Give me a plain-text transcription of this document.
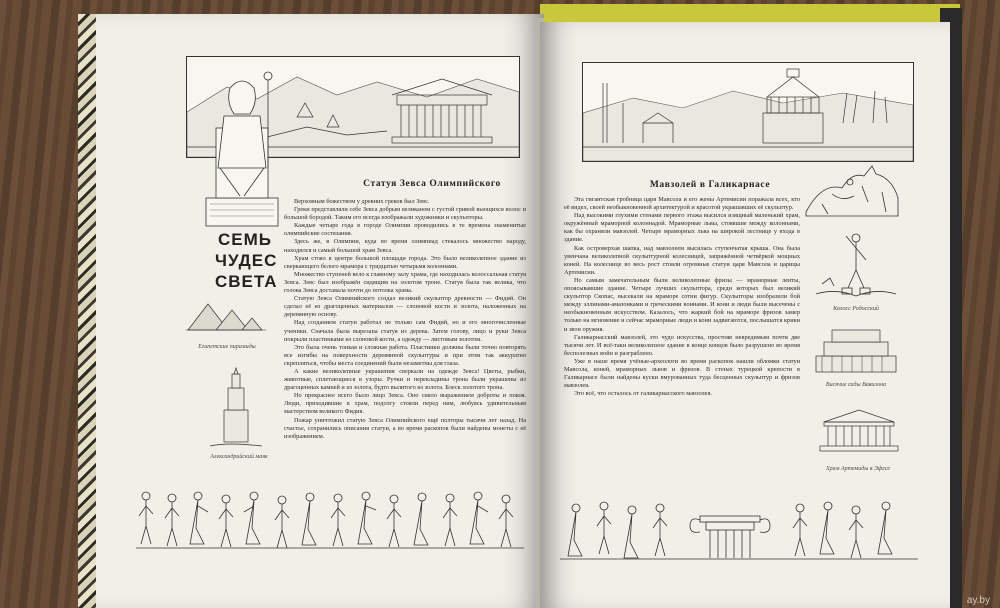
Статуя Зевса Олимпийского
СЕМЬ
ЧУДЕС
СВЕТА
Египетские пирамиды
Александрийский маяк

Верховным божеством у древних греков был Зевс.

Греки представляли себе Зевса добрым великаном с густой гривой вьющихся волос и большой бородой. Таким его всегда изображали художники и скульпторы.

Каждые четыре года в городе Олимпии проводились в те времена знаменитые олимпийские состязания.

Здесь же, в Олимпии, куда во время олимпиад стекалось множество народу, находился и самый большой храм Зевса.

Храм стоял в центре большой площади города. Это было великолепное здание из сверкающего белого мрамора с тридцатью четырьмя колоннами.

Множество ступеней вело к главному залу храма, где находилась колоссальная статуя Зевса. Зевс был изображён сидящим на золотом троне. Статуя была так велика, что голова Зевса доставала почти до потолка храма.

Статую Зевса Олимпийского создал великий скульптор древности — Фидий. Он сделал её из драгоценных материалов — слоновой кости и золота, наложенных на деревянную основу.

Над созданием статуи работал не только сам Фидий, но и его многочисленные ученики. Сначала была вырезана статуя из дерева. Затем голову, лицо и руки Зевса покрыли пластинками из слоновой кости, а одежду — листовым золотом.

Это была очень тонкая и сложная работа. Пластинки должны были точно повторять все изгибы на поверхности деревянной скульптуры и при этом так аккуратно скрепляться, чтобы места соединений были незаметны для глаза.

А какие великолепные украшения сверкали на одежде Зевса! Цветы, рыбки, животные, сплетающиеся в узоры. Ручки и перекладины трона были украшены из драгоценных камней и из золота, будто вылитого из золота. Блеск золотого трона.

Но прекраснее всего было лицо Зевса. Оно сияло выражением доброты и покоя. Люди, приходившие в храм, подолгу стояли перед ним, любуясь удивительным мастерством великого Фидия.

Пожар уничтожил статую Зевса Олимпийского ещё полторы тысячи лет назад. На счастье, сохранились описания статуи, а во время раскопок были найдены монеты с её изображением.

Мавзолей в Галикарнасе

Эта гигантская гробница царя Мавсола и его жены Артемисии поражала всех, кто её видел, своей необыкновенной архитектурой и красотой украшавших её скульптур.

Над высокими глухими стенами первого этажа высился изящный маленький храм, окружённый мраморной колоннадой. Мраморные львы, стоявшие между колоннами, как бы охраняли мавзолей. Четыре мраморных льва на широкой лестнице у входа в здание.

Как островерхая шапка, над мавзолеем высилась ступенчатая крыша. Она была увенчана великолепной скульптурной колесницей, запряжённой четвёркой мощных коней. На колеснице во весь рост стояли огромные статуи царя Мавсола и царицы Артемисии.

Но самым замечательным были великолепные фризы — мраморные ленты, опоясывавшие здание. Четыре лучших скульптора, среди которых был великий скульптор Скопас, высекали на мраморе сотни фигур. Скульпторы изобразили бой между эллинами-амазонками и греческими воинами. И кони и люди были высечены с необыкновенным искусством. Казалось, что жаркий бой на мраморе фризов замер только на мгновение и сейчас мраморные люди и кони задвигаются, послышатся крики и звон оружия.

Галикарнасский мавзолей, это чудо искусства, простояв невредимым почти две тысячи лет. И всё-таки великолепное здание в конце концов было разрушено во время бесполезных войн и разграблено.

Уже в наше время учёные-археологи во время раскопок нашли обломки статуи Мавсола, коней, мраморных львов и фризов. В стенах турецкой крепости в Галикарнасе были найдены куски вмурованных туда бесценных скульптур и фризов мавзолея.

Это всё, что осталось от галикарнасского мавзолея.

Колосс Родосский
Висячие сады Вавилона
Храм Артемиды в Эфесе
ay.by
